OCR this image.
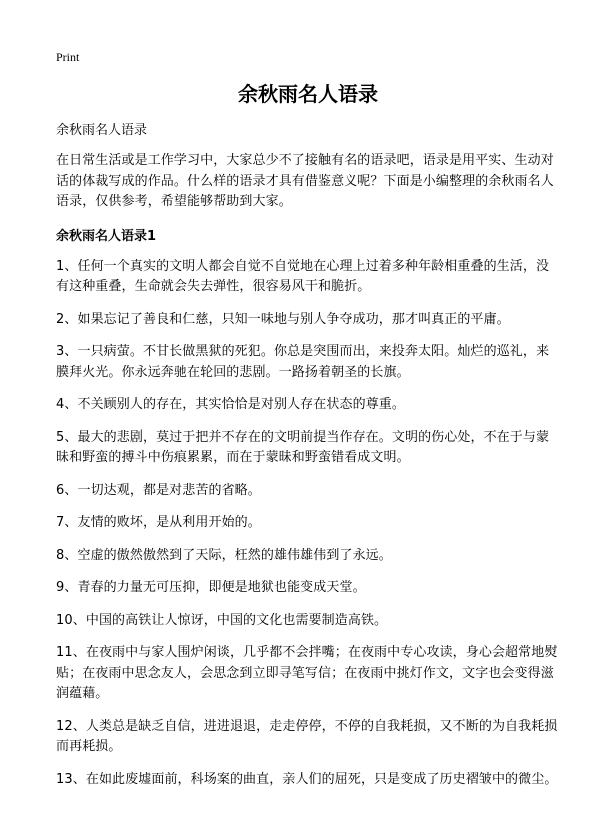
Print
余秋雨名人语录

余秋雨名人语录

在日常生活或是工作学习中，大家总少不了接触有名的语录吧，语录是用平实、生动对话的体裁写成的作品。什么样的语录才具有借鉴意义呢？下面是小编整理的余秋雨名人语录，仅供参考，希望能够帮助到大家。

余秋雨名人语录1

1、任何一个真实的文明人都会自觉不自觉地在心理上过着多种年龄相重叠的生活，没有这种重叠，生命就会失去弹性，很容易风干和脆折。
2、如果忘记了善良和仁慈，只知一味地与别人争夺成功，那才叫真正的平庸。
3、一只病萤。不甘长做黑狱的死犯。你总是突围而出，来投奔太阳。灿烂的巡礼，来膜拜火光。你永远奔驰在轮回的悲剧。一路扬着朝圣的长旗。
4、不关顾别人的存在，其实恰恰是对别人存在状态的尊重。
5、最大的悲剧，莫过于把并不存在的文明前提当作存在。文明的伤心处，不在于与蒙昧和野蛮的搏斗中伤痕累累，而在于蒙昧和野蛮错看成文明。
6、一切达观，都是对悲苦的省略。
7、友情的败坏，是从利用开始的。
8、空虚的傲然傲然到了天际，枉然的雄伟雄伟到了永远。
9、青春的力量无可压抑，即便是地狱也能变成天堂。
10、中国的高铁让人惊讶，中国的文化也需要制造高铁。
11、在夜雨中与家人围炉闲谈，几乎都不会拌嘴；在夜雨中专心攻读，身心会超常地熨贴；在夜雨中思念友人，会思念到立即寻笔写信；在夜雨中挑灯作文，文字也会变得滋润蕴藉。
12、人类总是缺乏自信，进进退退，走走停停，不停的自我耗损，又不断的为自我耗损而再耗损。
13、在如此废墟面前，科场案的曲直，亲人们的屈死，只是变成了历史褶皱中的微尘。
